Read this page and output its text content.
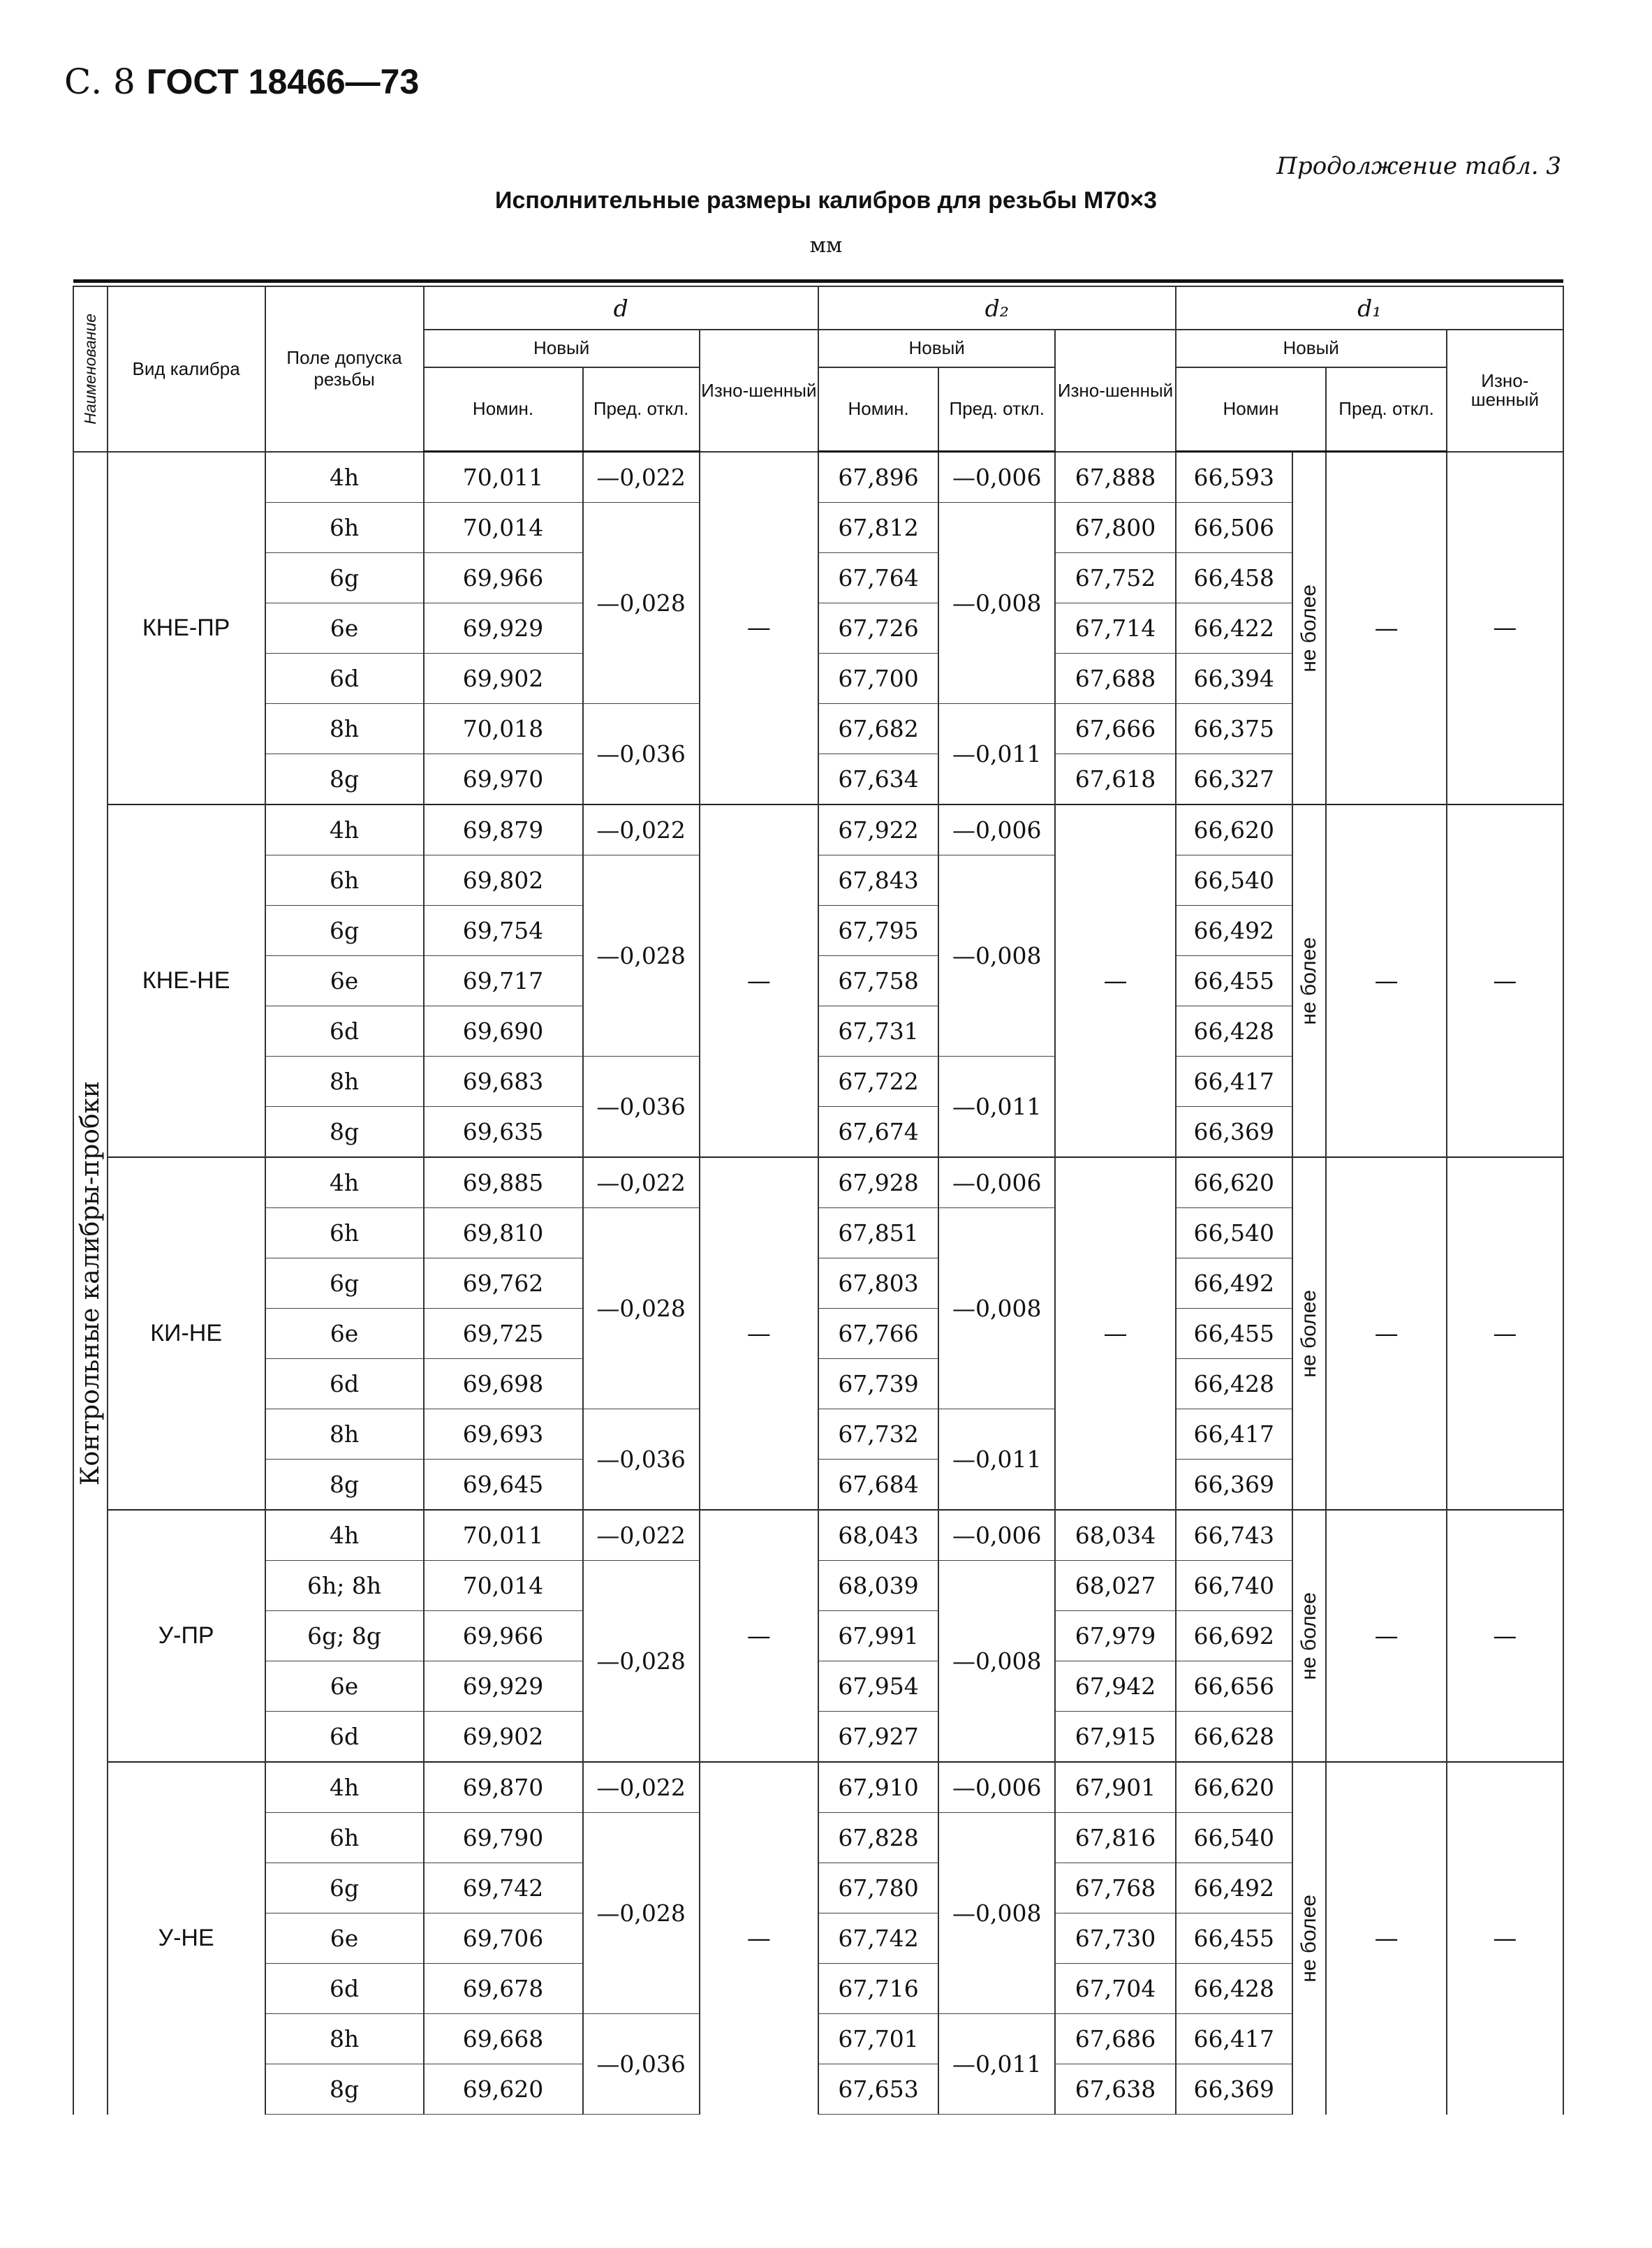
С. 8 ГОСТ 18466—73
Продолжение табл. 3
Исполнительные размеры калибров для резьбы M70×3
мм

Наименование	Вид калибра	Поле допуска резьбы	d			d₂			d₁			
			Новый		Изно-шенный	Новый		Изно-шенный	Новый			Изно-шенный
			Номин.	Пред. откл.		Номин.	Пред. откл.		Номин		Пред. откл.	

Контрольные калибры-пробки	КНЕ-ПР	4h	70,011	—0,022	—	67,896	—0,006	67,888	66,593	не более	—	—
		6h	70,014	—0,028		67,812	—0,008	67,800	66,506			
		6g	69,966			67,764		67,752	66,458			
		6e	69,929			67,726		67,714	66,422			
		6d	69,902			67,700		67,688	66,394			
		8h	70,018	—0,036		67,682	—0,011	67,666	66,375			
		8g	69,970			67,634		67,618	66,327			
	КНЕ-НЕ	4h	69,879	—0,022	—	67,922	—0,006	—	66,620	не более	—	—
		6h	69,802	—0,028		67,843	—0,008		66,540			
		6g	69,754			67,795			66,492			
		6e	69,717			67,758			66,455			
		6d	69,690			67,731			66,428			
		8h	69,683	—0,036		67,722	—0,011		66,417			
		8g	69,635			67,674			66,369			
	КИ-НЕ	4h	69,885	—0,022	—	67,928	—0,006	—	66,620	не более	—	—
		6h	69,810	—0,028		67,851	—0,008		66,540			
		6g	69,762			67,803			66,492			
		6e	69,725			67,766			66,455			
		6d	69,698			67,739			66,428			
		8h	69,693	—0,036		67,732	—0,011		66,417			
		8g	69,645			67,684			66,369			
	У-ПР	4h	70,011	—0,022	—	68,043	—0,006	68,034	66,743	не более	—	—
		6h; 8h	70,014	—0,028		68,039	—0,008	68,027	66,740			
		6g; 8g	69,966			67,991		67,979	66,692			
		6e	69,929			67,954		67,942	66,656			
		6d	69,902			67,927		67,915	66,628			
	У-НЕ	4h	69,870	—0,022	—	67,910	—0,006	67,901	66,620	не более	—	—
		6h	69,790	—0,028		67,828	—0,008	67,816	66,540			
		6g	69,742			67,780		67,768	66,492			
		6e	69,706			67,742		67,730	66,455			
		6d	69,678			67,716		67,704	66,428			
		8h	69,668	—0,036		67,701	—0,011	67,686	66,417			
		8g	69,620			67,653		67,638	66,369			
